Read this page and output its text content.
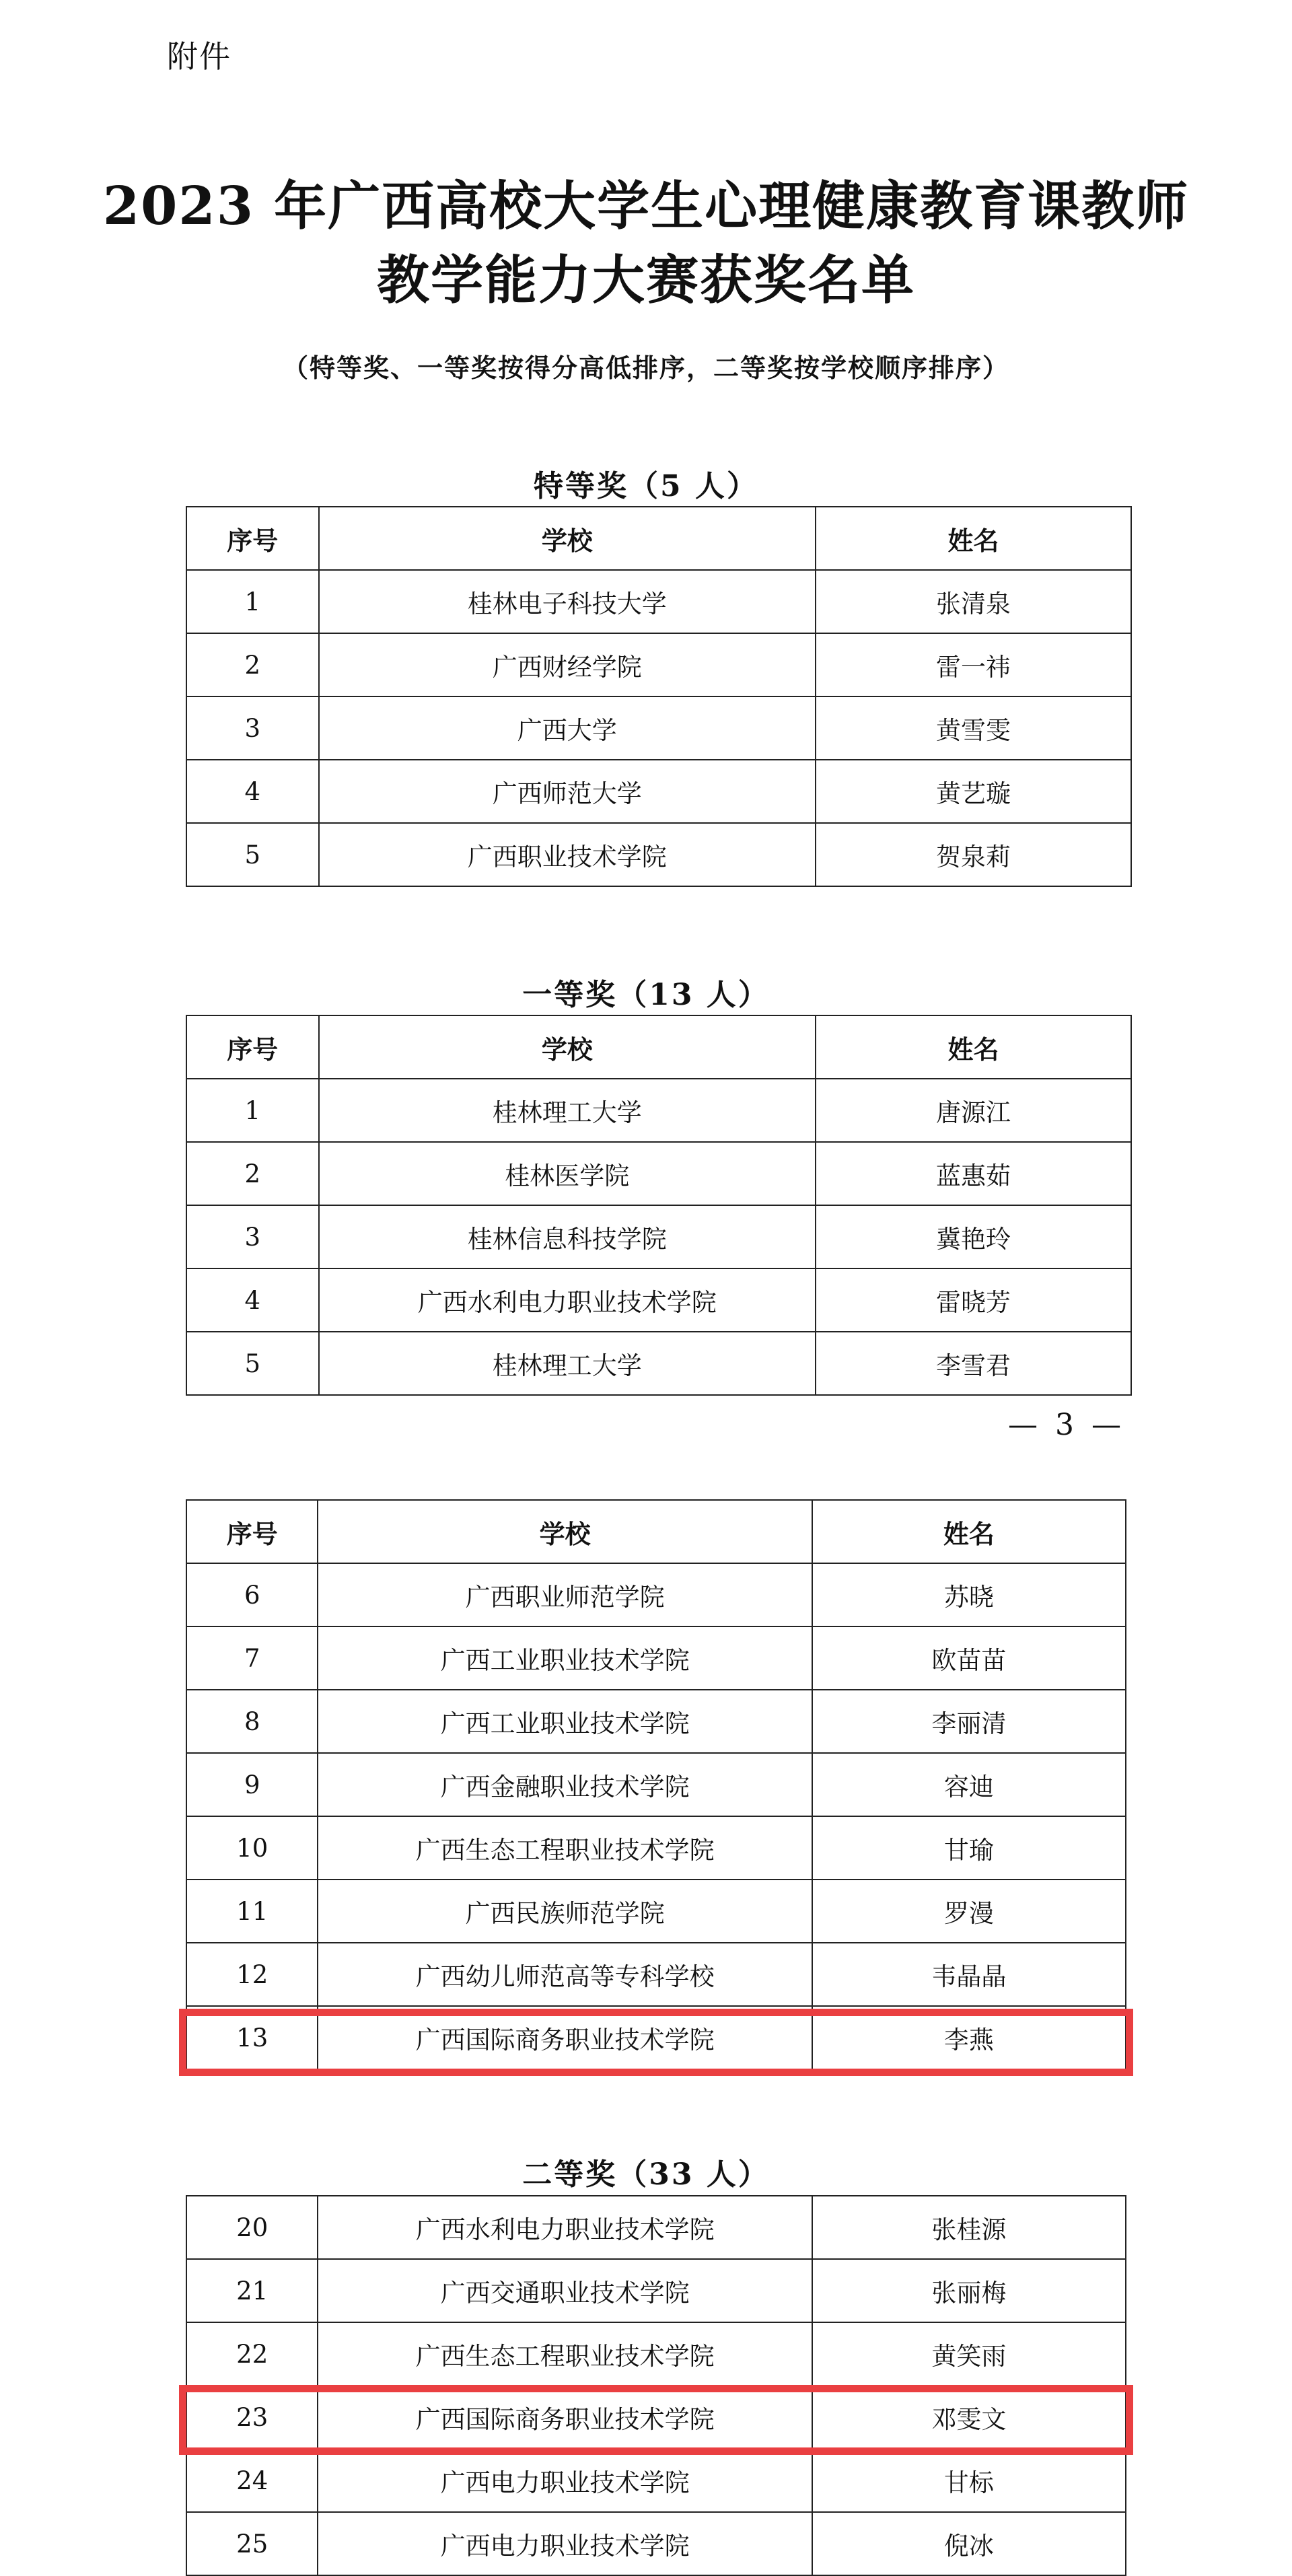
附件
2023 年广西高校大学生心理健康教育课教师
教学能力大赛获奖名单
（特等奖、一等奖按得分高低排序，二等奖按学校顺序排序）
特等奖（5 人）
序号	学校	姓名
1	桂林电子科技大学	张清泉
2	广西财经学院	雷一祎
3	广西大学	黄雪雯
4	广西师范大学	黄艺璇
5	广西职业技术学院	贺泉莉
一等奖（13 人）
序号	学校	姓名
1	桂林理工大学	唐源江
2	桂林医学院	蓝惠茹
3	桂林信息科技学院	冀艳玲
4	广西水利电力职业技术学院	雷晓芳
5	桂林理工大学	李雪君
— 3 —
序号	学校	姓名
6	广西职业师范学院	苏晓
7	广西工业职业技术学院	欧苗苗
8	广西工业职业技术学院	李丽清
9	广西金融职业技术学院	容迪
10	广西生态工程职业技术学院	甘瑜
11	广西民族师范学院	罗漫
12	广西幼儿师范高等专科学校	韦晶晶
13	广西国际商务职业技术学院	李燕
二等奖（33 人）
20	广西水利电力职业技术学院	张桂源
21	广西交通职业技术学院	张丽梅
22	广西生态工程职业技术学院	黄笑雨
23	广西国际商务职业技术学院	邓雯文
24	广西电力职业技术学院	甘标
25	广西电力职业技术学院	倪冰
